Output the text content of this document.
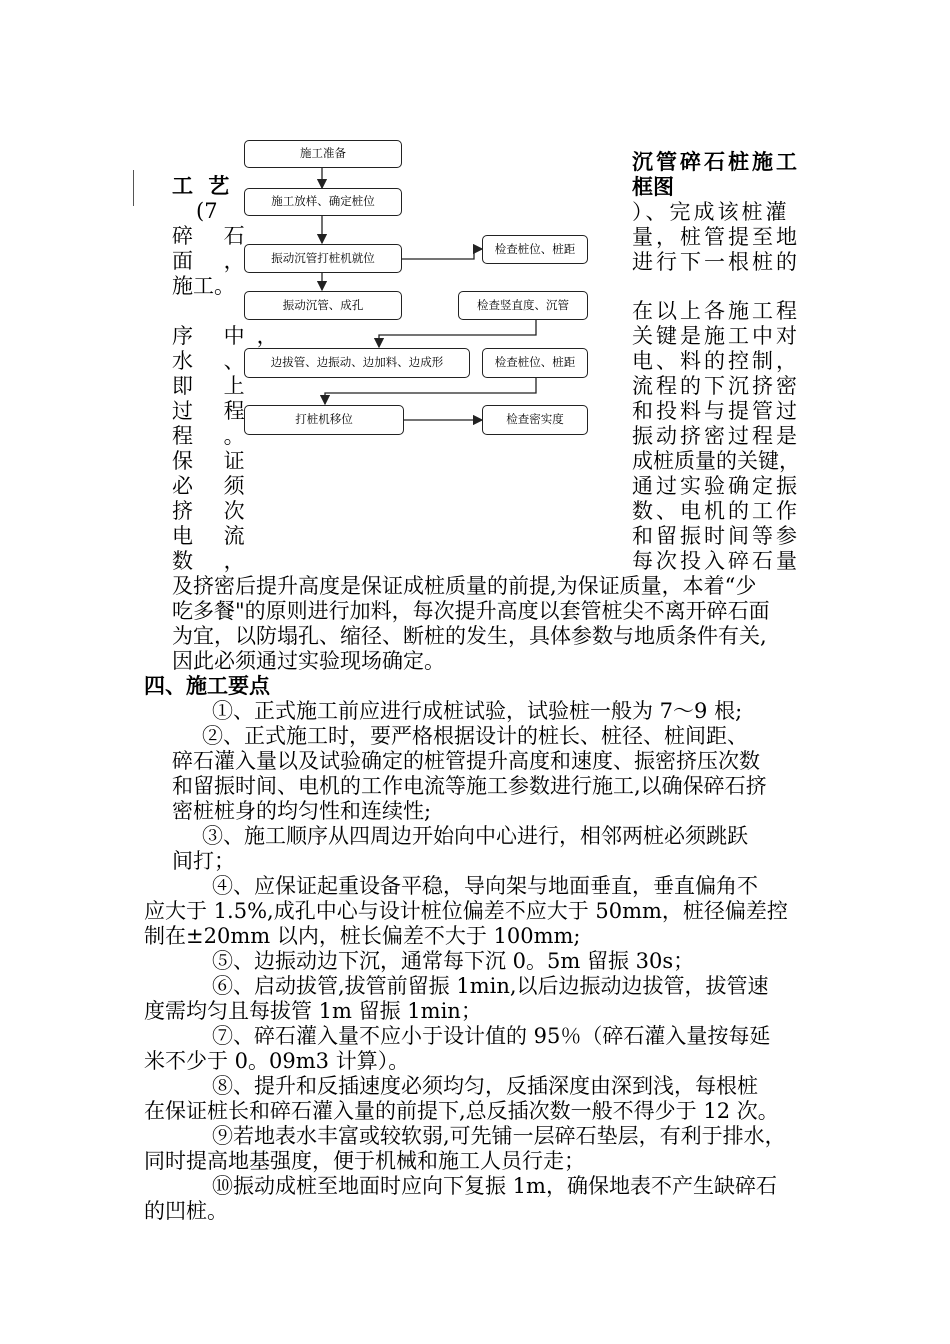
施工准备
施工放样、确定桩位
振动沉管打桩机就位
振动沉管、成孔
边拔管、边振动、边加料、边成形
打桩机移位
检查桩位、桩距
检查竖直度、沉管
检查桩位、桩距
检查密实度

工 艺

(7

碎 石

面 ，

施工。

序 中，

水 、

即 上

过 程

程 。

保 证

必 须

挤 次

电 流

数 ，

沉管碎石桩施工

框图

）、完成该桩灌

量，桩管提至地

进行下一根桩的

在以上各施工程

关键是施工中对

电、料的控制，

流程的下沉挤密

和投料与提管过

振动挤密过程是

成桩质量的关键，

通过实验确定振

数、电机的工作

和留振时间等参

每次投入碎石量

及挤密后提升高度是保证成桩质量的前提,为保证质量，本着“少

吃多餐"的原则进行加料，每次提升高度以套管桩尖不离开碎石面

为宜，以防塌孔、缩径、断桩的发生，具体参数与地质条件有关,

因此必须通过实验现场确定。

四、施工要点

①、正式施工前应进行成桩试验，试验桩一般为 7～9 根;

②、正式施工时，要严格根据设计的桩长、桩径、桩间距、

碎石灌入量以及试验确定的桩管提升高度和速度、振密挤压次数

和留振时间、电机的工作电流等施工参数进行施工,以确保碎石挤

密桩桩身的均匀性和连续性;

③、施工顺序从四周边开始向中心进行，相邻两桩必须跳跃

间打；

④、应保证起重设备平稳，导向架与地面垂直，垂直偏角不

应大于 1.5%,成孔中心与设计桩位偏差不应大于 50mm，桩径偏差控

制在±20mm 以内，桩长偏差不大于 100mm;

⑤、边振动边下沉，通常每下沉 0。5m 留振 30s；

⑥、启动拔管,拔管前留振 1min,以后边振动边拔管，拔管速

度需均匀且每拔管 1m 留振 1min；

⑦、碎石灌入量不应小于设计值的 95％（碎石灌入量按每延

米不少于 0。09m3 计算）。

⑧、提升和反插速度必须均匀，反插深度由深到浅，每根桩

在保证桩长和碎石灌入量的前提下,总反插次数一般不得少于 12 次。

⑨若地表水丰富或较软弱,可先铺一层碎石垫层，有利于排水，

同时提高地基强度，便于机械和施工人员行走；

⑩振动成桩至地面时应向下复振 1m，确保地表不产生缺碎石

的凹桩。
